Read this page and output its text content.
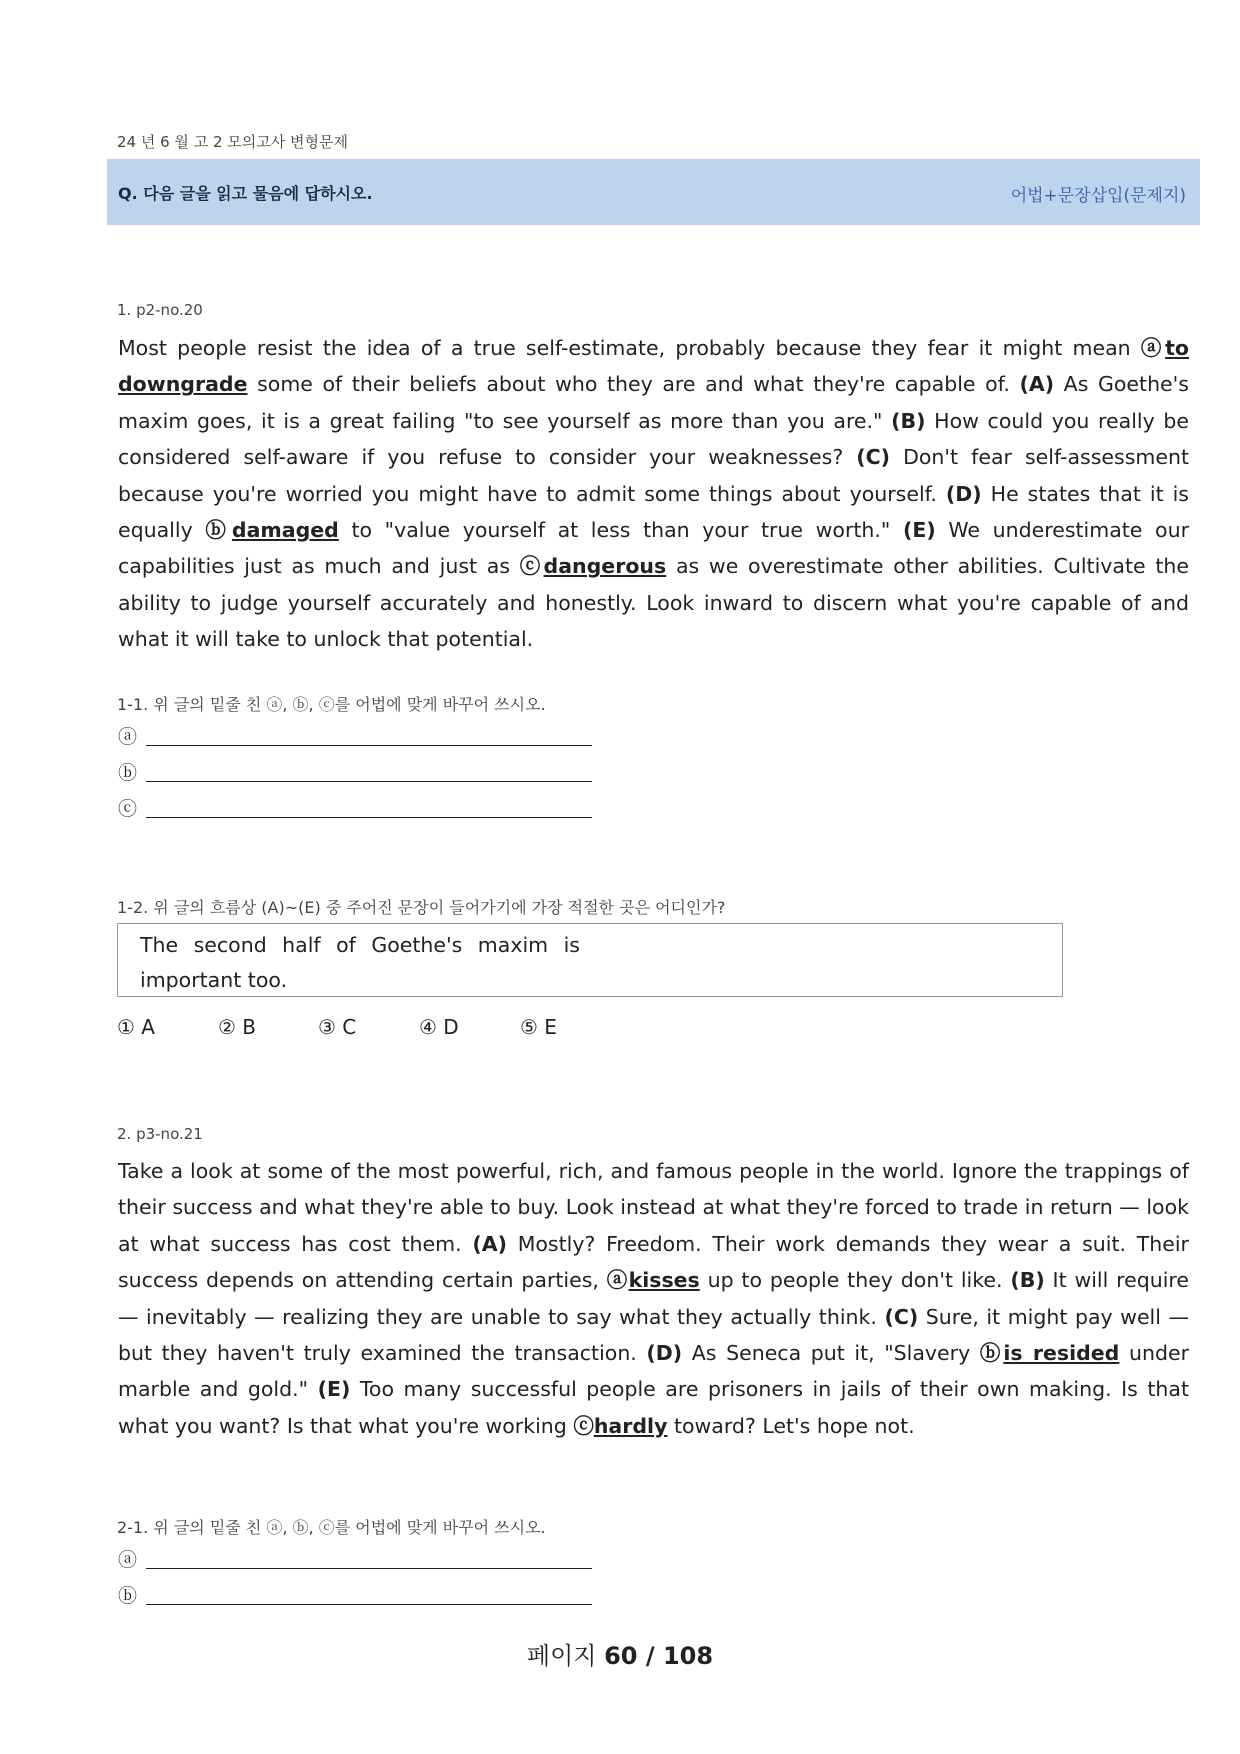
24 년 6 월 고 2 모의고사 변형문제
Q. 다음 글을 읽고 물음에 답하시오.	어법+문장삽입(문제지)
1. p2-no.20
Most people resist the idea of a true self-estimate, probably because they fear it might mean ⓐto downgrade some of their beliefs about who they are and what they're capable of. (A) As Goethe's maxim goes, it is a great failing "to see yourself as more than you are." (B) How could you really be considered self-aware if you refuse to consider your weaknesses? (C) Don't fear self-assessment because you're worried you might have to admit some things about yourself. (D) He states that it is equally ⓑdamaged to "value yourself at less than your true worth." (E) We underestimate our capabilities just as much and just as ⓒdangerous as we overestimate other abilities. Cultivate the ability to judge yourself accurately and honestly. Look inward to discern what you're capable of and what it will take to unlock that potential.
1-1. 위 글의 밑줄 친 ⓐ, ⓑ, ⓒ를 어법에 맞게 바꾸어 쓰시오.
ⓐ
ⓑ
ⓒ
1-2. 위 글의 흐름상 (A)~(E) 중 주어진 문장이 들어가기에 가장 적절한 곳은 어디인가?
The second half of Goethe's maxim is important too.
① A	② B	③ C	④ D	⑤ E
2. p3-no.21
Take a look at some of the most powerful, rich, and famous people in the world. Ignore the trappings of their success and what they're able to buy. Look instead at what they're forced to trade in return — look at what success has cost them. (A) Mostly? Freedom. Their work demands they wear a suit. Their success depends on attending certain parties, ⓐkisses up to people they don't like. (B) It will require — inevitably — realizing they are unable to say what they actually think. (C) Sure, it might pay well — but they haven't truly examined the transaction. (D) As Seneca put it, "Slavery ⓑis resided under marble and gold." (E) Too many successful people are prisoners in jails of their own making. Is that what you want? Is that what you're working ⓒhardly toward? Let's hope not.
2-1. 위 글의 밑줄 친 ⓐ, ⓑ, ⓒ를 어법에 맞게 바꾸어 쓰시오.
ⓐ
ⓑ
페이지 60 / 108
